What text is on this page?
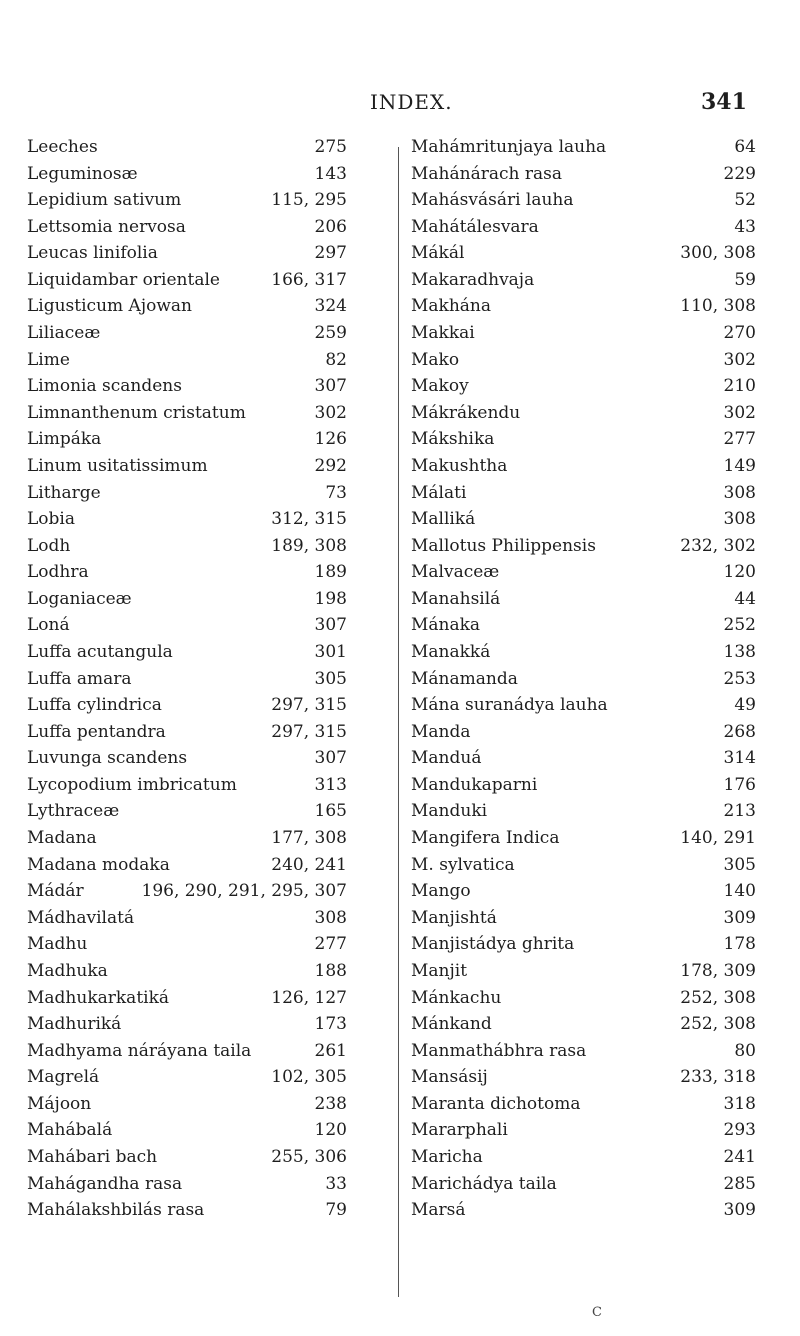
INDEX.	341
Leeches	275
Leguminosæ	143
Lepidium sativum	115, 295
Lettsomia nervosa	206
Leucas linifolia	297
Liquidambar orientale	166, 317
Ligusticum Ajowan	324
Liliaceæ	259
Lime	82
Limonia scandens	307
Limnanthenum cristatum	302
Limpáka	126
Linum usitatissimum	292
Litharge	73
Lobia	312, 315
Lodh	189, 308
Lodhra	189
Loganiaceæ	198
Loná	307
Luffa acutangula	301
Luffa amara	305
Luffa cylindrica	297, 315
Luffa pentandra	297, 315
Luvunga scandens	307
Lycopodium imbricatum	313
Lythraceæ	165
Madana	177, 308
Madana modaka	240, 241
Mádár	196, 290, 291, 295, 307
Mádhavilatá	308
Madhu	277
Madhuka	188
Madhukarkatiká	126, 127
Madhuriká	173
Madhyama náráyana taila	261
Magrelá	102, 305
Májoon	238
Mahábalá	120
Mahábari bach	255, 306
Mahágandha rasa	33
Mahálakshbilás rasa	79
Mahámritunjaya lauha	64
Mahánárach rasa	229
Mahásvásári lauha	52
Mahátálesvara	43
Mákál	300, 308
Makaradhvaja	59
Makhána	110, 308
Makkai	270
Mako	302
Makoy	210
Mákrákendu	302
Mákshika	277
Makushtha	149
Málati	308
Malliká	308
Mallotus Philippensis	232, 302
Malvaceæ	120
Manahsilá	44
Mánaka	252
Manakká	138
Mánamanda	253
Mána suranádya lauha	49
Manda	268
Manduá	314
Mandukaparni	176
Manduki	213
Mangifera Indica	140, 291
M. sylvatica	305
Mango	140
Manjishtá	309
Manjistádya ghrita	178
Manjit	178, 309
Mánkachu	252, 308
Mánkand	252, 308
Manmathábhra rasa	80
Mansásij	233, 318
Maranta dichotoma	318
Mararphali	293
Maricha	241
Marichádya taila	285
Marsá	309
C
